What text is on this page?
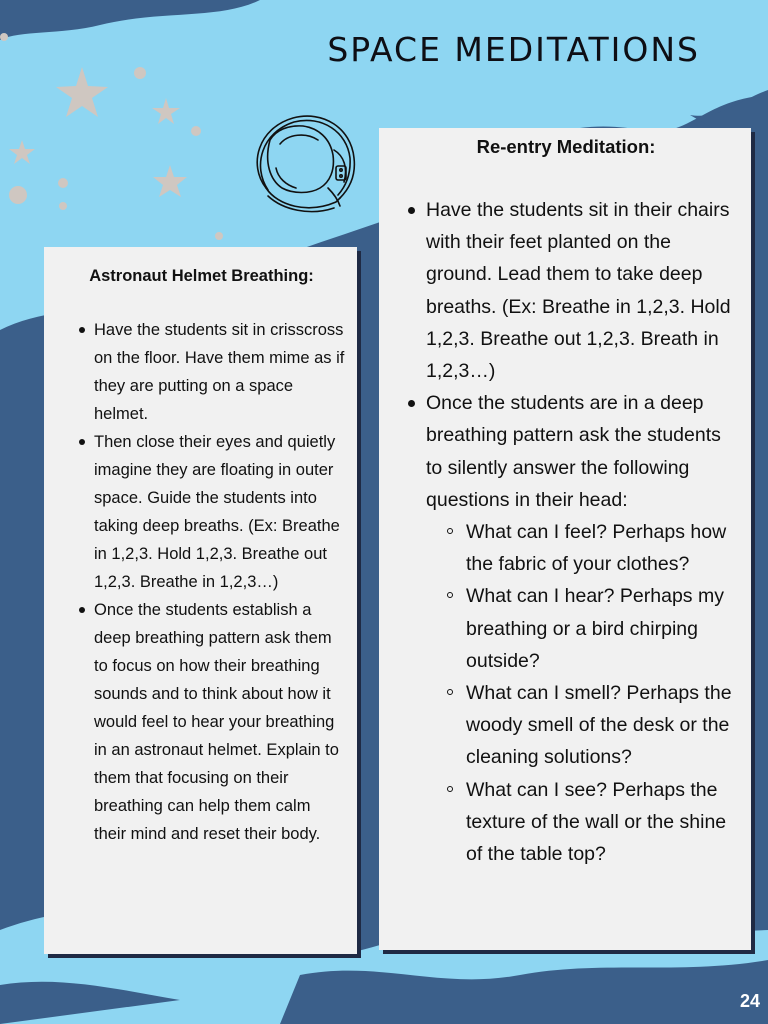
SPACE MEDITATIONS
Astronaut Helmet Breathing:
Have the students sit in crisscross on the floor. Have them mime as if they are putting on a space helmet.
Then close their eyes and quietly imagine they are floating in outer space. Guide the students into taking deep breaths. (Ex: Breathe in 1,2,3. Hold 1,2,3. Breathe out 1,2,3. Breathe in 1,2,3…)
Once the students establish a deep breathing pattern ask them to focus on how their breathing sounds and to think about how it would feel to hear your breathing in an astronaut helmet. Explain to them that focusing on their breathing can help them calm their mind and reset their body.
Re-entry Meditation:
Have the students sit in their chairs with their feet planted on the ground. Lead them to take deep breaths. (Ex: Breathe in 1,2,3. Hold 1,2,3. Breathe out 1,2,3. Breath in 1,2,3…)
Once the students are in a deep breathing pattern ask the students to silently answer the following questions in their head:
What can I feel? Perhaps how the fabric of your clothes?
What can I hear? Perhaps my breathing or a bird chirping outside?
What can I smell? Perhaps the woody smell of the desk or the cleaning solutions?
What can I see? Perhaps the texture of the wall or the shine of the table top?
24
